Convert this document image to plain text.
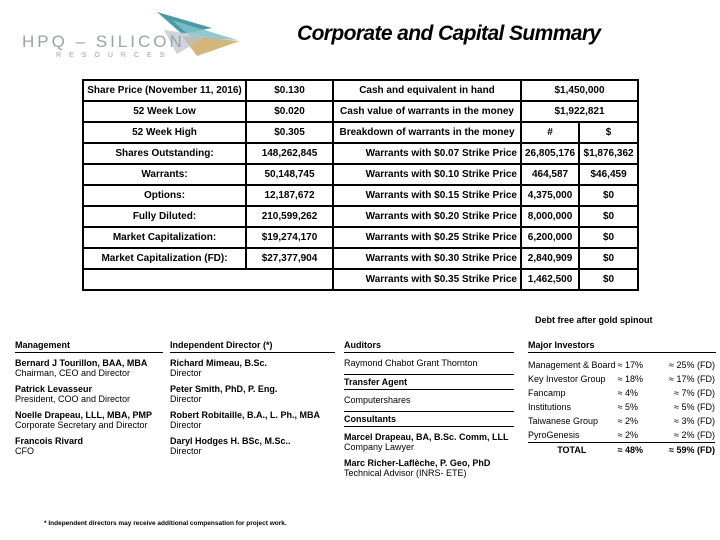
HPQ – SILICON
RESOURCES
Corporate and Capital Summary
Share Price (November 11, 2016)	$0.130	Cash and equivalent in hand	$1,450,000	
52 Week Low	$0.020	Cash value of warrants in the money	$1,922,821	
52 Week High	$0.305	Breakdown of warrants in the money	#	$
Shares Outstanding:	148,262,845	Warrants with $0.07 Strike Price	26,805,176	$1,876,362
Warrants:	50,148,745	Warrants with $0.10 Strike Price	464,587	$46,459
Options:	12,187,672	Warrants with $0.15 Strike Price	4,375,000	$0
Fully Diluted:	210,599,262	Warrants with $0.20 Strike Price	8,000,000	$0
Market Capitalization:	$19,274,170	Warrants with $0.25 Strike Price	6,200,000	$0
Market Capitalization (FD):	$27,377,904	Warrants with $0.30 Strike Price	2,840,909	$0
		Warrants with $0.35 Strike Price	1,462,500	$0
Debt free after gold spinout
Management
Bernard J Tourillon, BAA, MBA
Chairman, CEO and Director
Patrick Levasseur
President, COO and Director
Noelle Drapeau, LLL, MBA, PMP
Corporate Secretary and Director
Francois Rivard
CFO
Independent Director (*)
Richard Mimeau, B.Sc.
Director
Peter Smith, PhD, P. Eng.
Director
Robert Robitaille, B.A., L. Ph., MBA
Director
Daryl Hodges H. BSc, M.Sc..
Director
Auditors
Raymond Chabot Grant Thornton
Transfer Agent
Computershares
Consultants
Marcel Drapeau, BA, B.Sc. Comm, LLL
Company Lawyer
Marc Richer-Laflèche, P. Geo, PhD
Technical Advisor (INRS- ETE)
Major Investors
Management & Board	≈ 17%	≈ 25% (FD)
Key Investor Group	≈ 18%	≈ 17% (FD)
Fancamp	≈ 4%	≈ 7% (FD)
Institutions	≈ 5%	≈ 5% (FD)
Taiwanese Group	≈ 2%	≈ 3% (FD)
PyroGenesis	≈ 2%	≈ 2% (FD)
TOTAL	≈ 48%	≈ 59% (FD)
* Independent directors may receive additional compensation for project work.
